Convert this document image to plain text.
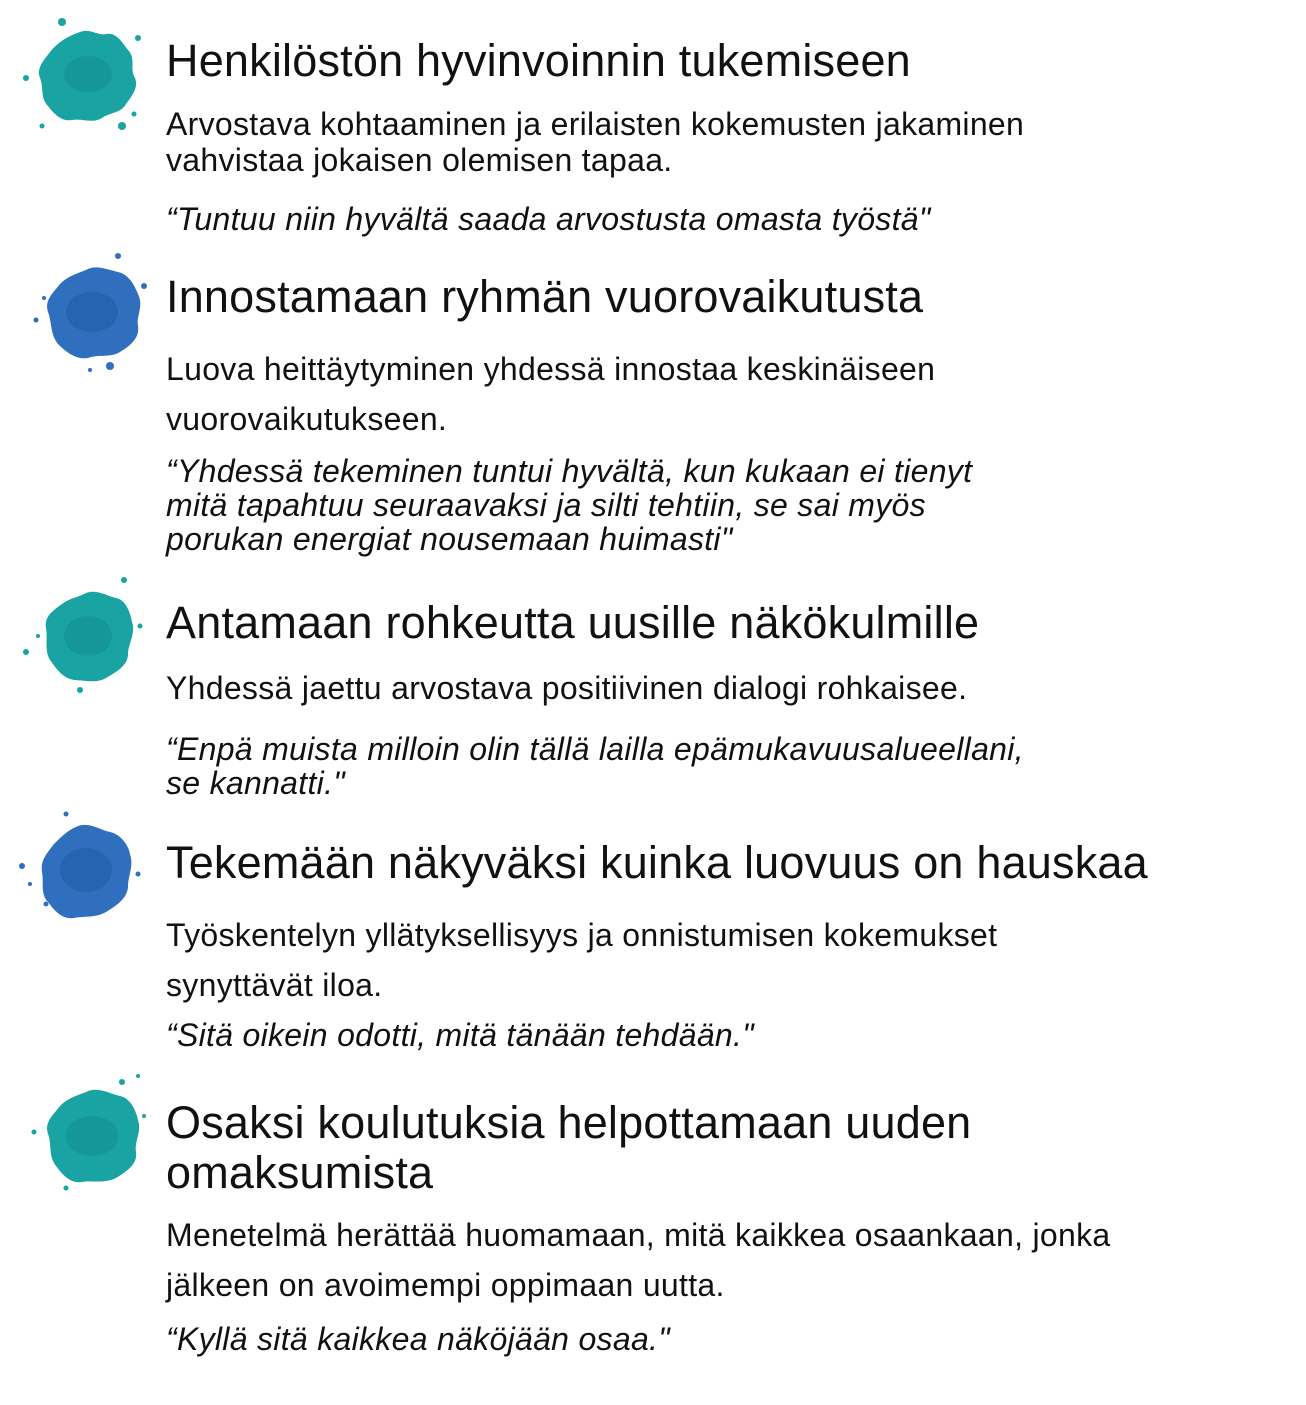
Henkilöstön hyvinvoinnin tukemiseen

Arvostava kohtaaminen ja erilaisten kokemusten jakaminen
vahvistaa jokaisen olemisen tapaa.

“Tuntuu niin hyvältä saada arvostusta omasta työstä"

Innostamaan ryhmän vuorovaikutusta

Luova heittäytyminen yhdessä innostaa keskinäiseen
vuorovaikutukseen.

“Yhdessä tekeminen tuntui hyvältä, kun kukaan ei tienyt
mitä tapahtuu seuraavaksi ja silti tehtiin, se sai myös
porukan energiat nousemaan huimasti"

Antamaan rohkeutta uusille näkökulmille

Yhdessä jaettu arvostava positiivinen dialogi rohkaisee.

“Enpä muista milloin olin tällä lailla epämukavuusalueellani,
se kannatti."

Tekemään näkyväksi kuinka luovuus on hauskaa

Työskentelyn yllätyksellisyys ja onnistumisen kokemukset
synyttävät iloa.

“Sitä oikein odotti, mitä tänään tehdään."

Osaksi koulutuksia helpottamaan uuden
omaksumista

Menetelmä herättää huomamaan, mitä kaikkea osaankaan, jonka
jälkeen on avoimempi oppimaan uutta.

“Kyllä sitä kaikkea näköjään osaa."
